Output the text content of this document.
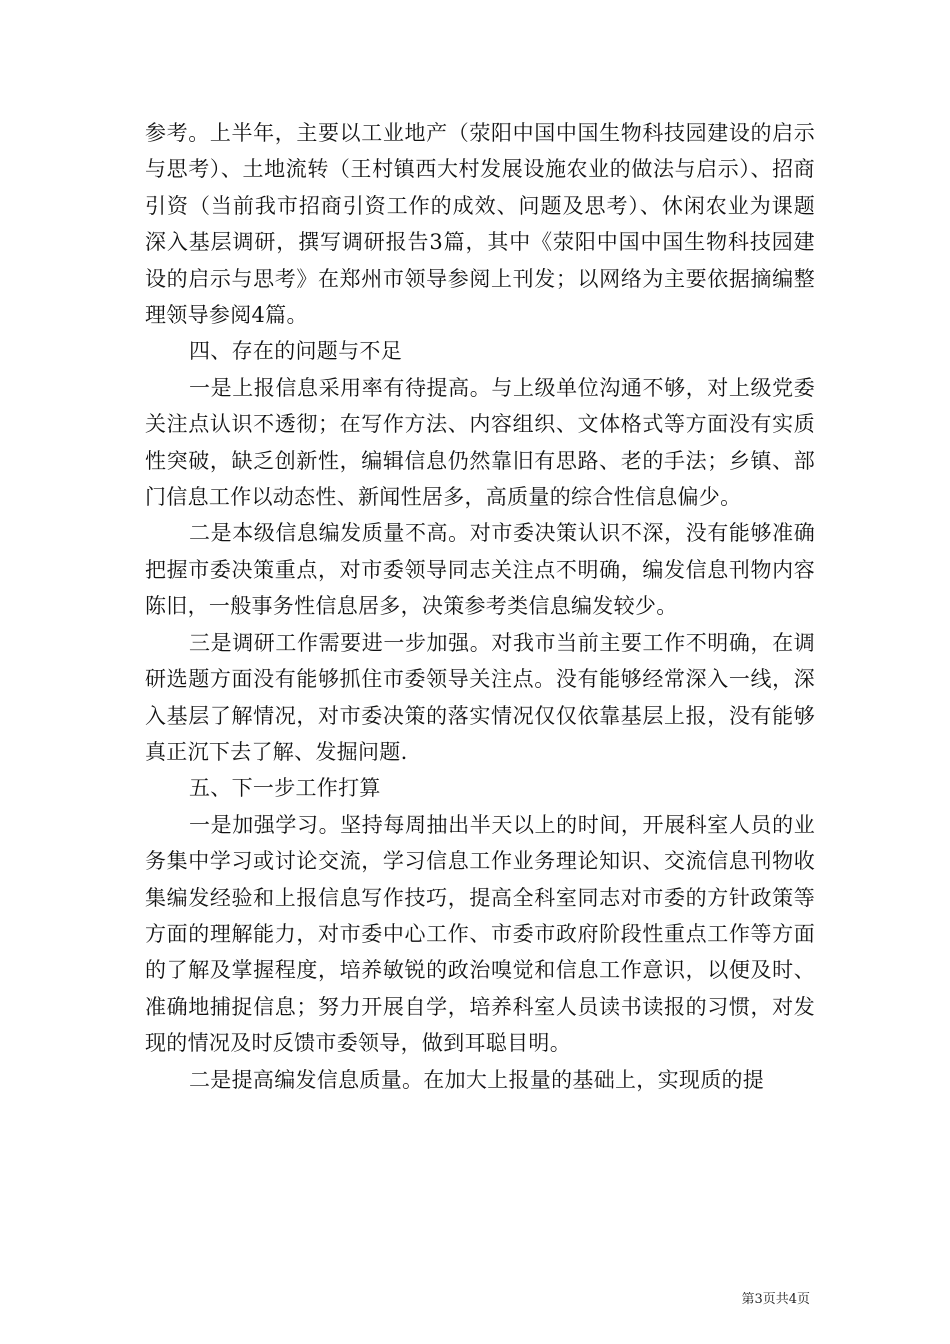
参考。上半年，主要以工业地产（荥阳中国中国生物科技园建设的启示与思考）、土地流转（王村镇西大村发展设施农业的做法与启示）、招商引资（当前我市招商引资工作的成效、问题及思考）、休闲农业为课题深入基层调研，撰写调研报告3篇，其中《荥阳中国中国生物科技园建设的启示与思考》在郑州市领导参阅上刊发；以网络为主要依据摘编整理领导参阅4篇。

四、存在的问题与不足

一是上报信息采用率有待提高。与上级单位沟通不够，对上级党委关注点认识不透彻；在写作方法、内容组织、文体格式等方面没有实质性突破，缺乏创新性，编辑信息仍然靠旧有思路、老的手法；乡镇、部门信息工作以动态性、新闻性居多，高质量的综合性信息偏少。

二是本级信息编发质量不高。对市委决策认识不深，没有能够准确把握市委决策重点，对市委领导同志关注点不明确，编发信息刊物内容陈旧，一般事务性信息居多，决策参考类信息编发较少。

三是调研工作需要进一步加强。对我市当前主要工作不明确，在调研选题方面没有能够抓住市委领导关注点。没有能够经常深入一线，深入基层了解情况，对市委决策的落实情况仅仅依靠基层上报，没有能够真正沉下去了解、发掘问题.

五、下一步工作打算

一是加强学习。坚持每周抽出半天以上的时间，开展科室人员的业务集中学习或讨论交流，学习信息工作业务理论知识、交流信息刊物收集编发经验和上报信息写作技巧，提高全科室同志对市委的方针政策等方面的理解能力，对市委中心工作、市委市政府阶段性重点工作等方面的了解及掌握程度，培养敏锐的政治嗅觉和信息工作意识，以便及时、准确地捕捉信息；努力开展自学，培养科室人员读书读报的习惯，对发现的情况及时反馈市委领导，做到耳聪目明。

二是提高编发信息质量。在加大上报量的基础上，实现质的提

第3页共4页
